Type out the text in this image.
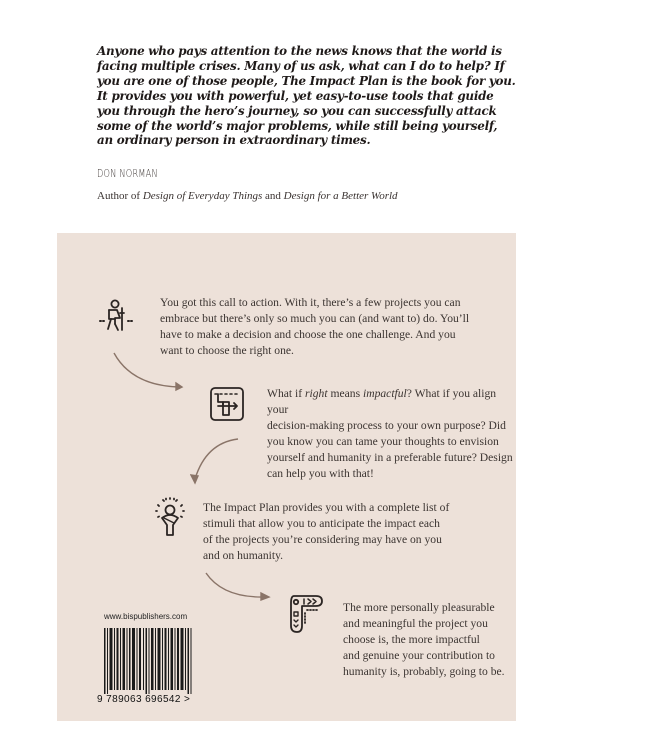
Anyone who pays attention to the news knows that the world is
facing multiple crises. Many of us ask, what can I do to help? If
you are one of those people, The Impact Plan is the book for you.
It provides you with powerful, yet easy-to-use tools that guide
you through the hero’s journey, so you can successfully attack
some of the world’s major problems, while still being yourself,
an ordinary person in extraordinary times.
DON NORMAN
Author of Design of Everyday Things and Design for a Better World
You got this call to action. With it, there’s a few projects you can
embrace but there’s only so much you can (and want to) do. You’ll
have to make a decision and choose the one challenge. And you
want to choose the right one.
What if right means impactful? What if you align your
decision-making process to your own purpose? Did
you know you can tame your thoughts to envision
yourself and humanity in a preferable future? Design
can help you with that!
The Impact Plan provides you with a complete list of
stimuli that allow you to anticipate the impact each
of the projects you’re considering may have on you
and on humanity.
The more personally pleasurable
and meaningful the project you
choose is, the more impactful
and genuine your contribution to
humanity is, probably, going to be.
www.bispublishers.com
9 789063 696542 >
